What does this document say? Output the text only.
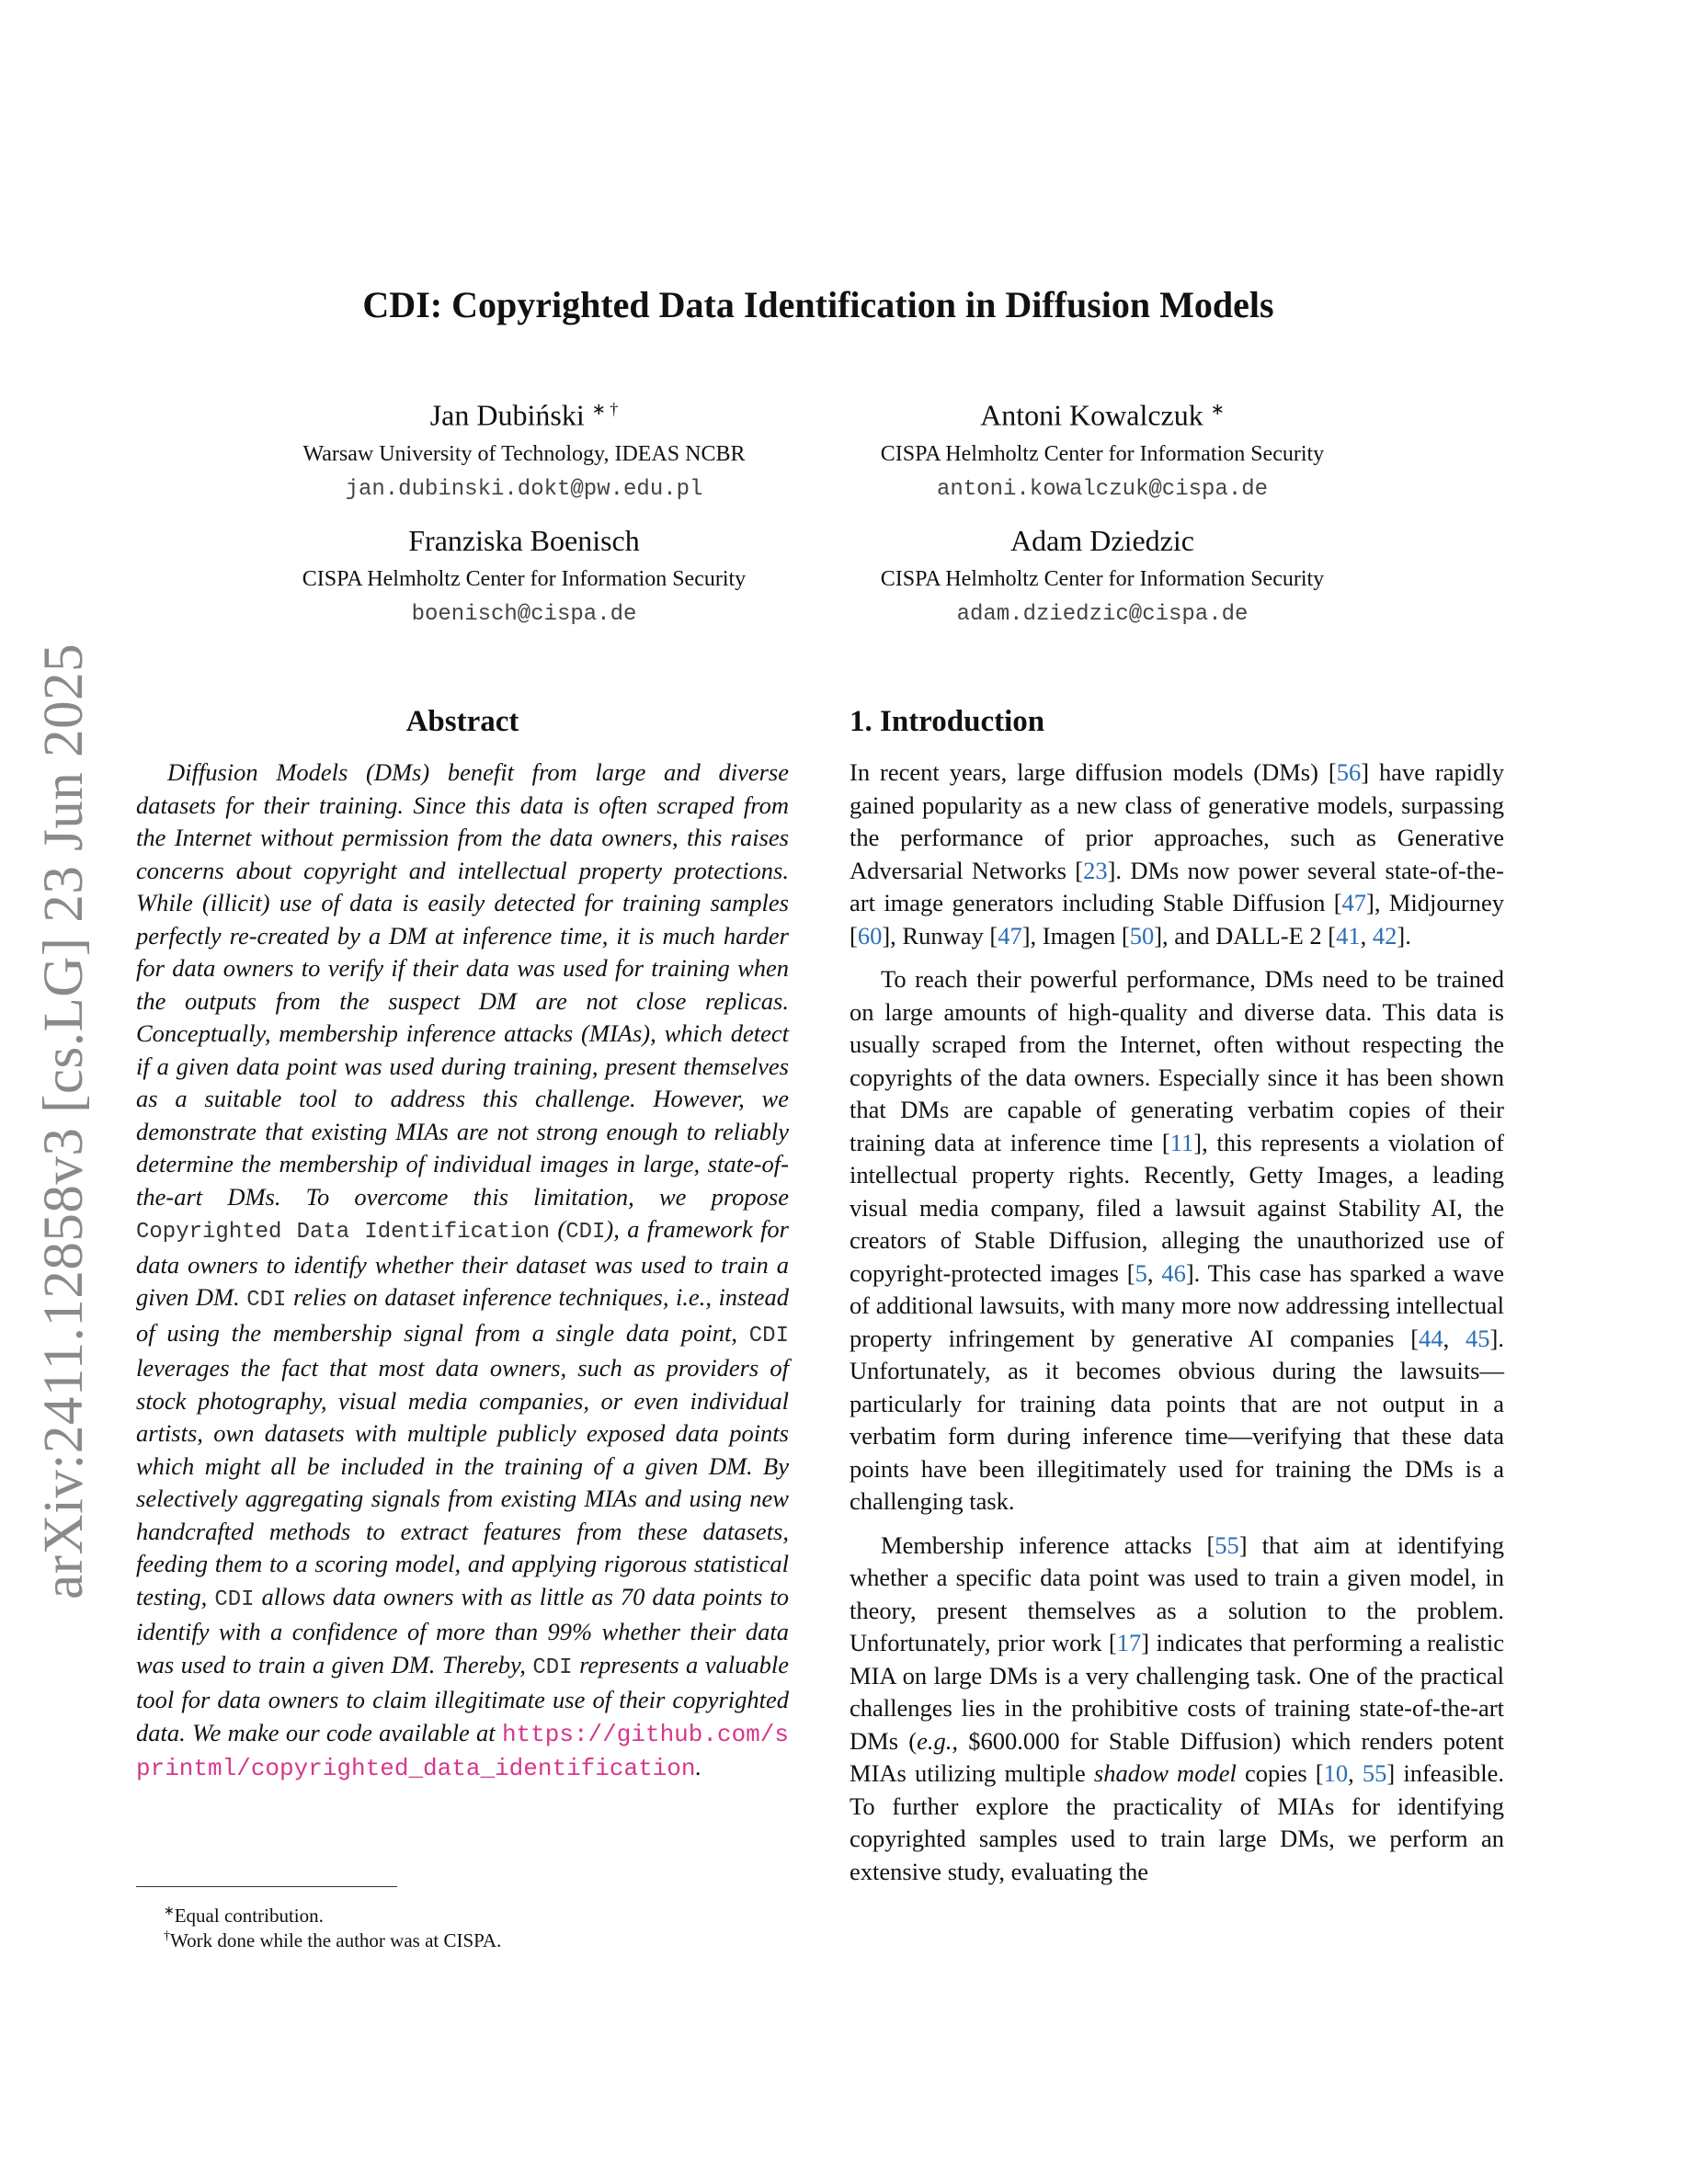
arXiv:2411.12858v3 [cs.LG] 23 Jun 2025
CDI: Copyrighted Data Identification in Diffusion Models
Jan Dubiński ∗ †
Warsaw University of Technology, IDEAS NCBR
jan.dubinski.dokt@pw.edu.pl
Antoni Kowalczuk ∗
CISPA Helmholtz Center for Information Security
antoni.kowalczuk@cispa.de
Franziska Boenisch
CISPA Helmholtz Center for Information Security
boenisch@cispa.de
Adam Dziedzic
CISPA Helmholtz Center for Information Security
adam.dziedzic@cispa.de
Abstract

Diffusion Models (DMs) benefit from large and diverse datasets for their training. Since this data is often scraped from the Internet without permission from the data owners, this raises concerns about copyright and intellectual property protections. While (illicit) use of data is easily detected for training samples perfectly re-created by a DM at inference time, it is much harder for data owners to verify if their data was used for training when the outputs from the suspect DM are not close replicas. Conceptually, membership inference attacks (MIAs), which detect if a given data point was used during training, present themselves as a suitable tool to address this challenge. However, we demonstrate that existing MIAs are not strong enough to reliably determine the membership of individual images in large, state-of-the-art DMs. To overcome this limitation, we propose Copyrighted Data Identification (CDI), a framework for data owners to identify whether their dataset was used to train a given DM. CDI relies on dataset inference techniques, i.e., instead of using the membership signal from a single data point, CDI leverages the fact that most data owners, such as providers of stock photography, visual media companies, or even individual artists, own datasets with multiple publicly exposed data points which might all be included in the training of a given DM. By selectively aggregating signals from existing MIAs and using new handcrafted methods to extract features from these datasets, feeding them to a scoring model, and applying rigorous statistical testing, CDI allows data owners with as little as 70 data points to identify with a confidence of more than 99% whether their data was used to train a given DM. Thereby, CDI represents a valuable tool for data owners to claim illegitimate use of their copyrighted data. We make our code available at https://github.com/sprintml/copyrighted_data_identification.

1. Introduction

In recent years, large diffusion models (DMs) [56] have rapidly gained popularity as a new class of generative models, surpassing the performance of prior approaches, such as Generative Adversarial Networks [23]. DMs now power several state-of-the-art image generators including Stable Diffusion [47], Midjourney [60], Runway [47], Imagen [50], and DALL-E 2 [41, 42].

To reach their powerful performance, DMs need to be trained on large amounts of high-quality and diverse data. This data is usually scraped from the Internet, often without respecting the copyrights of the data owners. Especially since it has been shown that DMs are capable of generating verbatim copies of their training data at inference time [11], this represents a violation of intellectual property rights. Recently, Getty Images, a leading visual media company, filed a lawsuit against Stability AI, the creators of Stable Diffusion, alleging the unauthorized use of copyright-protected images [5, 46]. This case has sparked a wave of additional lawsuits, with many more now addressing intellectual property infringement by generative AI companies [44, 45]. Unfortunately, as it becomes obvious during the lawsuits—particularly for training data points that are not output in a verbatim form during inference time—verifying that these data points have been illegitimately used for training the DMs is a challenging task.

Membership inference attacks [55] that aim at identifying whether a specific data point was used to train a given model, in theory, present themselves as a solution to the problem. Unfortunately, prior work [17] indicates that performing a realistic MIA on large DMs is a very challenging task. One of the practical challenges lies in the prohibitive costs of training state-of-the-art DMs (e.g., $600.000 for Stable Diffusion) which renders potent MIAs utilizing multiple shadow model copies [10, 55] infeasible. To further explore the practicality of MIAs for identifying copyrighted samples used to train large DMs, we perform an extensive study, evaluating the

∗Equal contribution.
†Work done while the author was at CISPA.
